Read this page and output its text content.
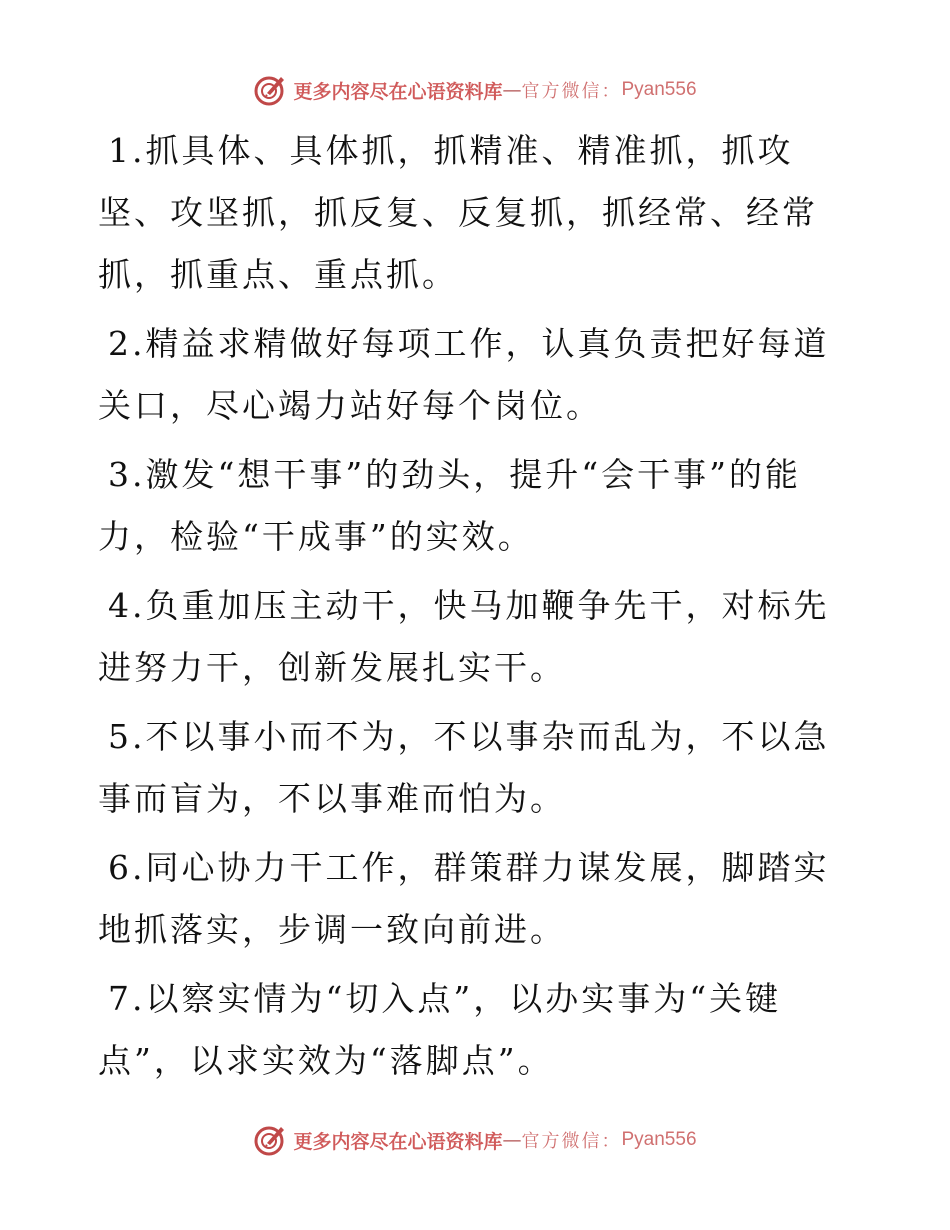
更多内容尽在心语资料库 — 官方微信： Pyan556

1.抓具体、具体抓，抓精准、精准抓，抓攻坚、攻坚抓，抓反复、反复抓，抓经常、经常抓，抓重点、重点抓。

2.精益求精做好每项工作，认真负责把好每道关口，尽心竭力站好每个岗位。

3.激发“想干事”的劲头，提升“会干事”的能力，检验“干成事”的实效。

4.负重加压主动干，快马加鞭争先干，对标先进努力干，创新发展扎实干。

5.不以事小而不为，不以事杂而乱为，不以急事而盲为，不以事难而怕为。

6.同心协力干工作，群策群力谋发展，脚踏实地抓落实，步调一致向前进。

7.以察实情为“切入点”，以办实事为“关键点”，以求实效为“落脚点”。

更多内容尽在心语资料库 — 官方微信： Pyan556
